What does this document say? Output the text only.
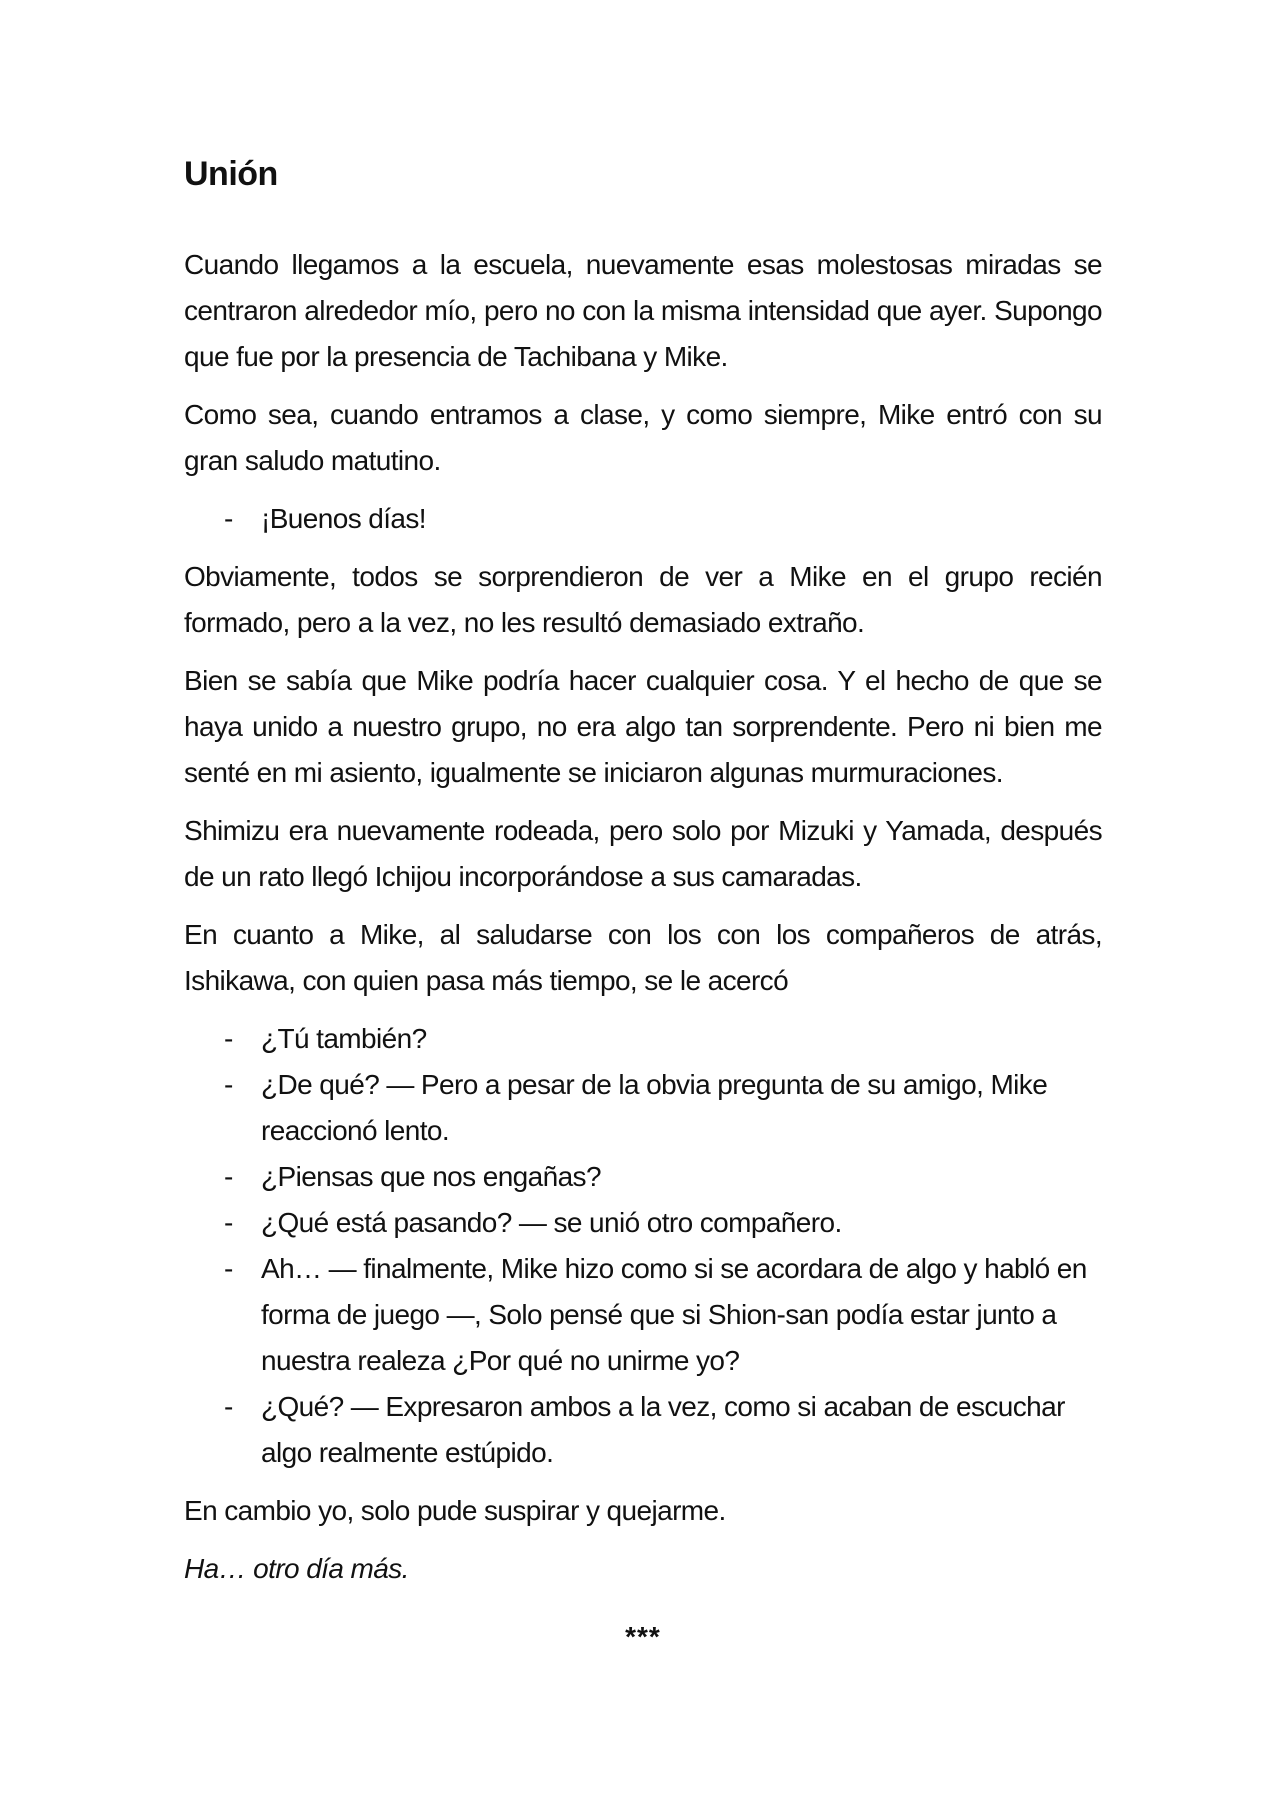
Unión

Cuando llegamos a la escuela, nuevamente esas molestosas miradas se centraron alrededor mío, pero no con la misma intensidad que ayer. Supongo que fue por la presencia de Tachibana y Mike.

Como sea, cuando entramos a clase, y como siempre, Mike entró con su gran saludo matutino.

- ¡Buenos días!

Obviamente, todos se sorprendieron de ver a Mike en el grupo recién formado, pero a la vez, no les resultó demasiado extraño.

Bien se sabía que Mike podría hacer cualquier cosa. Y el hecho de que se haya unido a nuestro grupo, no era algo tan sorprendente. Pero ni bien me senté en mi asiento, igualmente se iniciaron algunas murmuraciones.

Shimizu era nuevamente rodeada, pero solo por Mizuki y Yamada, después de un rato llegó Ichijou incorporándose a sus camaradas.

En cuanto a Mike, al saludarse con los con los compañeros de atrás, Ishikawa, con quien pasa más tiempo, se le acercó

- ¿Tú también?
- ¿De qué? — Pero a pesar de la obvia pregunta de su amigo, Mike reaccionó lento.
- ¿Piensas que nos engañas?
- ¿Qué está pasando? — se unió otro compañero.
- Ah… — finalmente, Mike hizo como si se acordara de algo y habló en forma de juego —, Solo pensé que si Shion-san podía estar junto a nuestra realeza ¿Por qué no unirme yo?
- ¿Qué? — Expresaron ambos a la vez, como si acaban de escuchar algo realmente estúpido.

En cambio yo, solo pude suspirar y quejarme.

Ha… otro día más.

***
